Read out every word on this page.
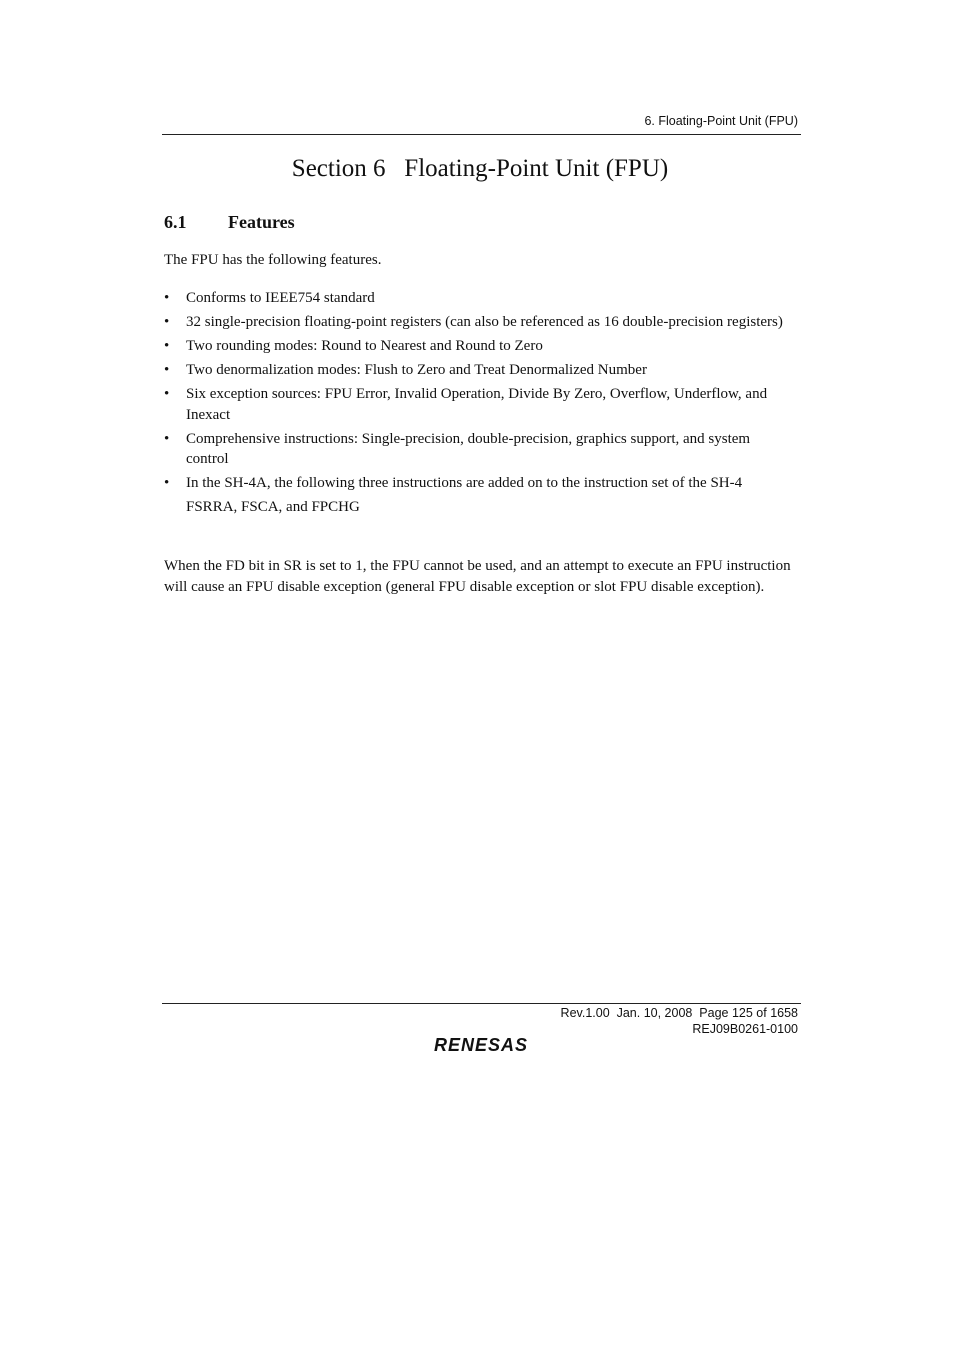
6. Floating-Point Unit (FPU)
Section 6   Floating-Point Unit (FPU)
6.1 Features

The FPU has the following features.

• Conforms to IEEE754 standard
• 32 single-precision floating-point registers (can also be referenced as 16 double-precision registers)
• Two rounding modes: Round to Nearest and Round to Zero
• Two denormalization modes: Flush to Zero and Treat Denormalized Number
• Six exception sources: FPU Error, Invalid Operation, Divide By Zero, Overflow, Underflow, and Inexact
• Comprehensive instructions: Single-precision, double-precision, graphics support, and system control
• In the SH-4A, the following three instructions are added on to the instruction set of the SH-4
FSRRA, FSCA, and FPCHG

When the FD bit in SR is set to 1, the FPU cannot be used, and an attempt to execute an FPU instruction will cause an FPU disable exception (general FPU disable exception or slot FPU disable exception).

Rev.1.00  Jan. 10, 2008  Page 125 of 1658
REJ09B0261-0100
RENESAS
